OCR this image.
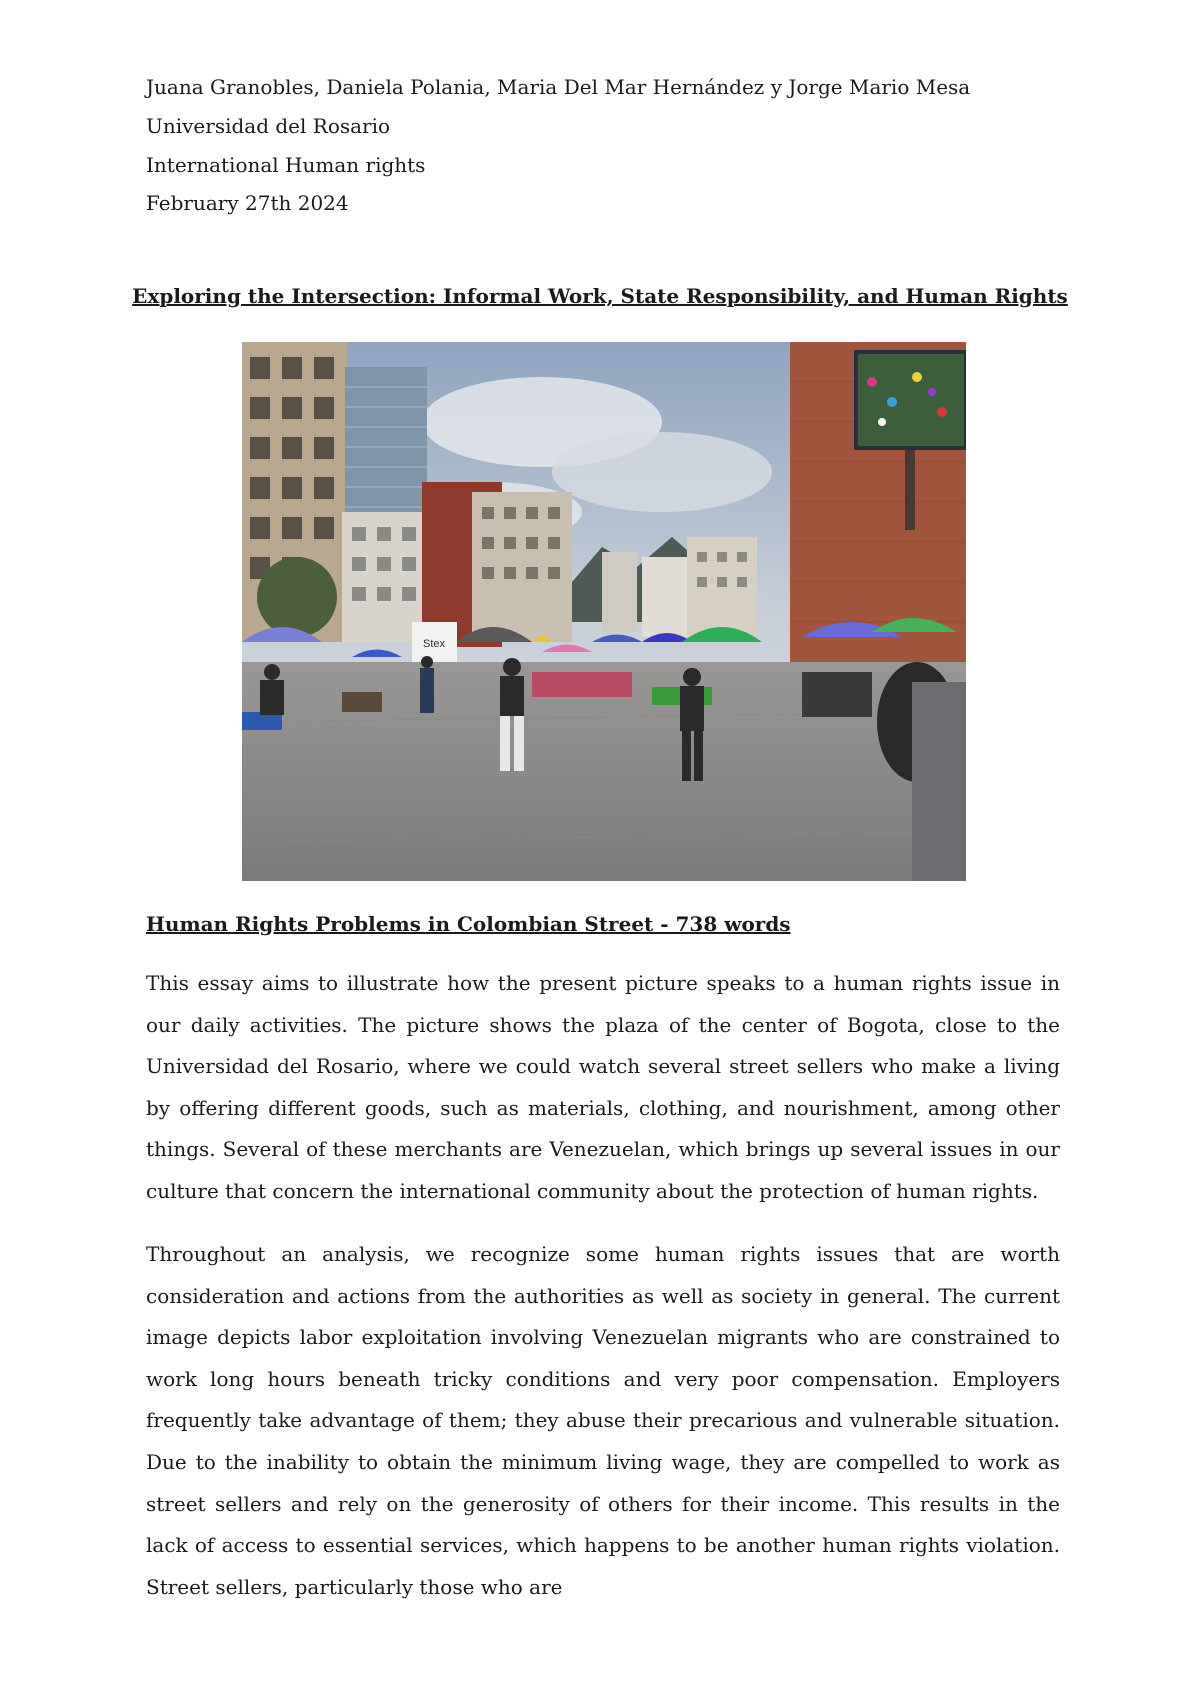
Juana Granobles, Daniela Polania, Maria Del Mar Hernández y Jorge Mario Mesa
Universidad del Rosario
International Human rights
February 27th 2024
Exploring the Intersection: Informal Work, State Responsibility, and Human Rights
Stex
Human Rights Problems in Colombian Street - 738 words

This essay aims to illustrate how the present picture speaks to a human rights issue in our daily activities. The picture shows the plaza of the center of Bogota, close to the Universidad del Rosario, where we could watch several street sellers who make a living by offering different goods, such as materials, clothing, and nourishment, among other things. Several of these merchants are Venezuelan, which brings up several issues in our culture that concern the international community about the protection of human rights.

Throughout an analysis, we recognize some human rights issues that are worth consideration and actions from the authorities as well as society in general. The current image depicts labor exploitation involving Venezuelan migrants who are constrained to work long hours beneath tricky conditions and very poor compensation. Employers frequently take advantage of them; they abuse their precarious and vulnerable situation. Due to the inability to obtain the minimum living wage, they are compelled to work as street sellers and rely on the generosity of others for their income. This results in the lack of access to essential services, which happens to be another human rights violation. Street sellers, particularly those who are
